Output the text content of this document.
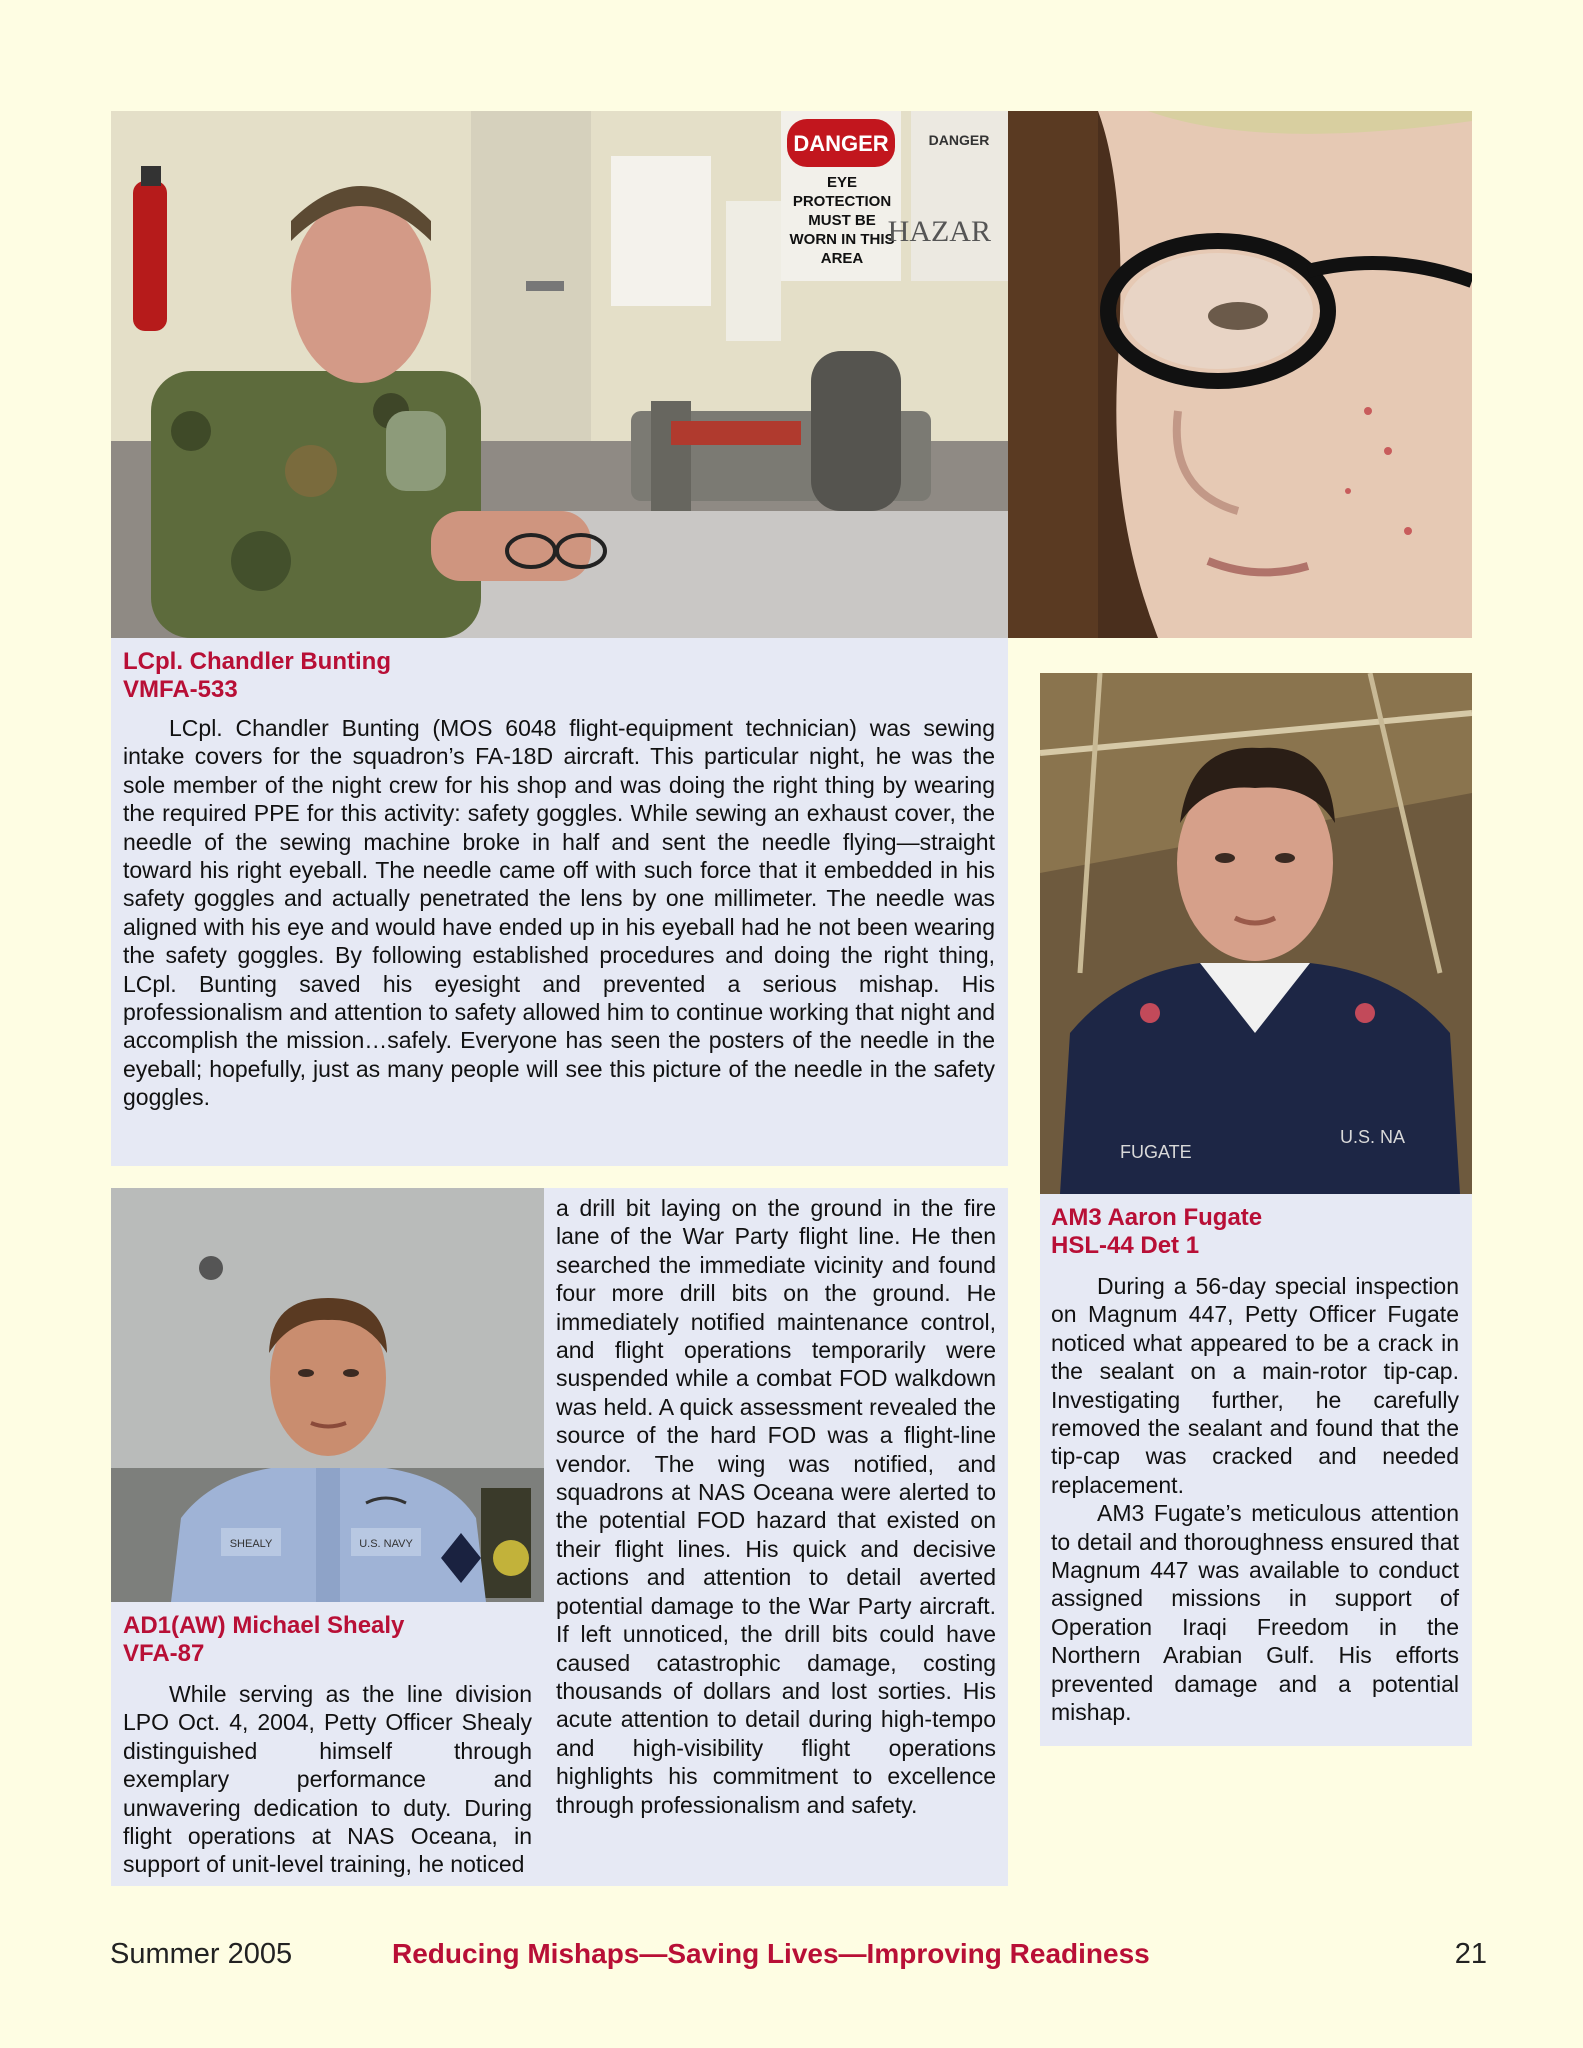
DANGER
EYE PROTECTION MUST BE WORN IN THIS AREA
DANGER
HAZAR
LCpl. Chandler Bunting
VMFA-533

LCpl. Chandler Bunting (MOS 6048 flight-equipment technician) was sewing intake covers for the squadron’s FA-18D aircraft. This particular night, he was the sole member of the night crew for his shop and was doing the right thing by wearing the required PPE for this activity: safety goggles. While sewing an exhaust cover, the needle of the sewing machine broke in half and sent the needle flying—straight toward his right eyeball. The needle came off with such force that it embedded in his safety goggles and actually penetrated the lens by one millimeter. The needle was aligned with his eye and would have ended up in his eyeball had he not been wearing the safety goggles. By following established procedures and doing the right thing, LCpl. Bunting saved his eyesight and prevented a serious mishap. His professionalism and attention to safety allowed him to continue working that night and accomplish the mission…safely. Everyone has seen the posters of the needle in the eyeball; hopefully, just as many people will see this picture of the needle in the safety goggles.

FUGATE
U.S. NA
AM3 Aaron Fugate
HSL-44 Det 1

During a 56-day special inspection on Magnum 447, Petty Officer Fugate noticed what appeared to be a crack in the sealant on a main-rotor tip-cap. Investigating further, he carefully removed the sealant and found that the tip-cap was cracked and needed replacement.

AM3 Fugate’s meticulous attention to detail and thoroughness ensured that Magnum 447 was available to conduct assigned missions in support of Operation Iraqi Freedom in the Northern Arabian Gulf. His efforts prevented damage and a potential mishap.

SHEALY	U.S. NAVY
AD1(AW) Michael Shealy
VFA-87

While serving as the line division LPO Oct. 4, 2004, Petty Officer Shealy distinguished himself through exemplary performance and unwavering dedication to duty. During flight operations at NAS Oceana, in support of unit-level training, he noticed

a drill bit laying on the ground in the fire lane of the War Party flight line. He then searched the immediate vicinity and found four more drill bits on the ground. He immediately notified maintenance control, and flight operations temporarily were suspended while a combat FOD walkdown was held. A quick assessment revealed the source of the hard FOD was a flight-line vendor. The wing was notified, and squadrons at NAS Oceana were alerted to the potential FOD hazard that existed on their flight lines. His quick and decisive actions and attention to detail averted potential damage to the War Party aircraft. If left unnoticed, the drill bits could have caused catastrophic damage, costing thousands of dollars and lost sorties. His acute attention to detail during high-tempo and high-visibility flight operations highlights his commitment to excellence through professionalism and safety.

Summer 2005	Reducing Mishaps—Saving Lives—Improving Readiness	21
